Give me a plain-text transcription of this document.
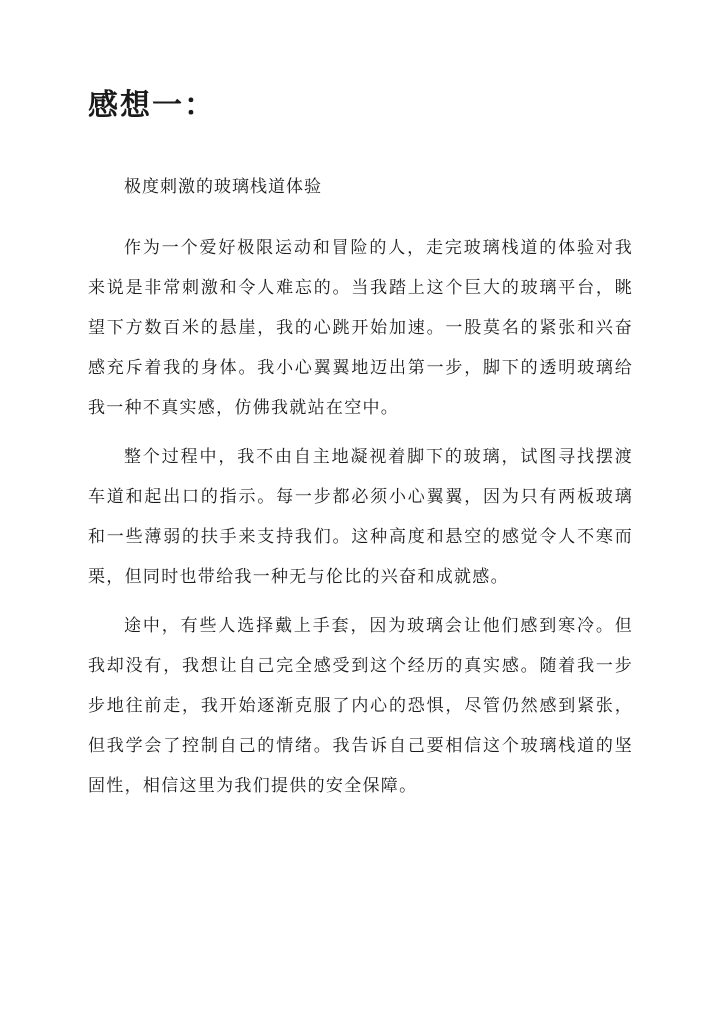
感想一：

极度刺激的玻璃栈道体验

作为一个爱好极限运动和冒险的人，走完玻璃栈道的体验对我来说是非常刺激和令人难忘的。当我踏上这个巨大的玻璃平台，眺望下方数百米的悬崖，我的心跳开始加速。一股莫名的紧张和兴奋感充斥着我的身体。我小心翼翼地迈出第一步，脚下的透明玻璃给我一种不真实感，仿佛我就站在空中。

整个过程中，我不由自主地凝视着脚下的玻璃，试图寻找摆渡车道和起出口的指示。每一步都必须小心翼翼，因为只有两板玻璃和一些薄弱的扶手来支持我们。这种高度和悬空的感觉令人不寒而栗，但同时也带给我一种无与伦比的兴奋和成就感。

途中，有些人选择戴上手套，因为玻璃会让他们感到寒冷。但我却没有，我想让自己完全感受到这个经历的真实感。随着我一步步地往前走，我开始逐渐克服了内心的恐惧，尽管仍然感到紧张，但我学会了控制自己的情绪。我告诉自己要相信这个玻璃栈道的坚固性，相信这里为我们提供的安全保障。
